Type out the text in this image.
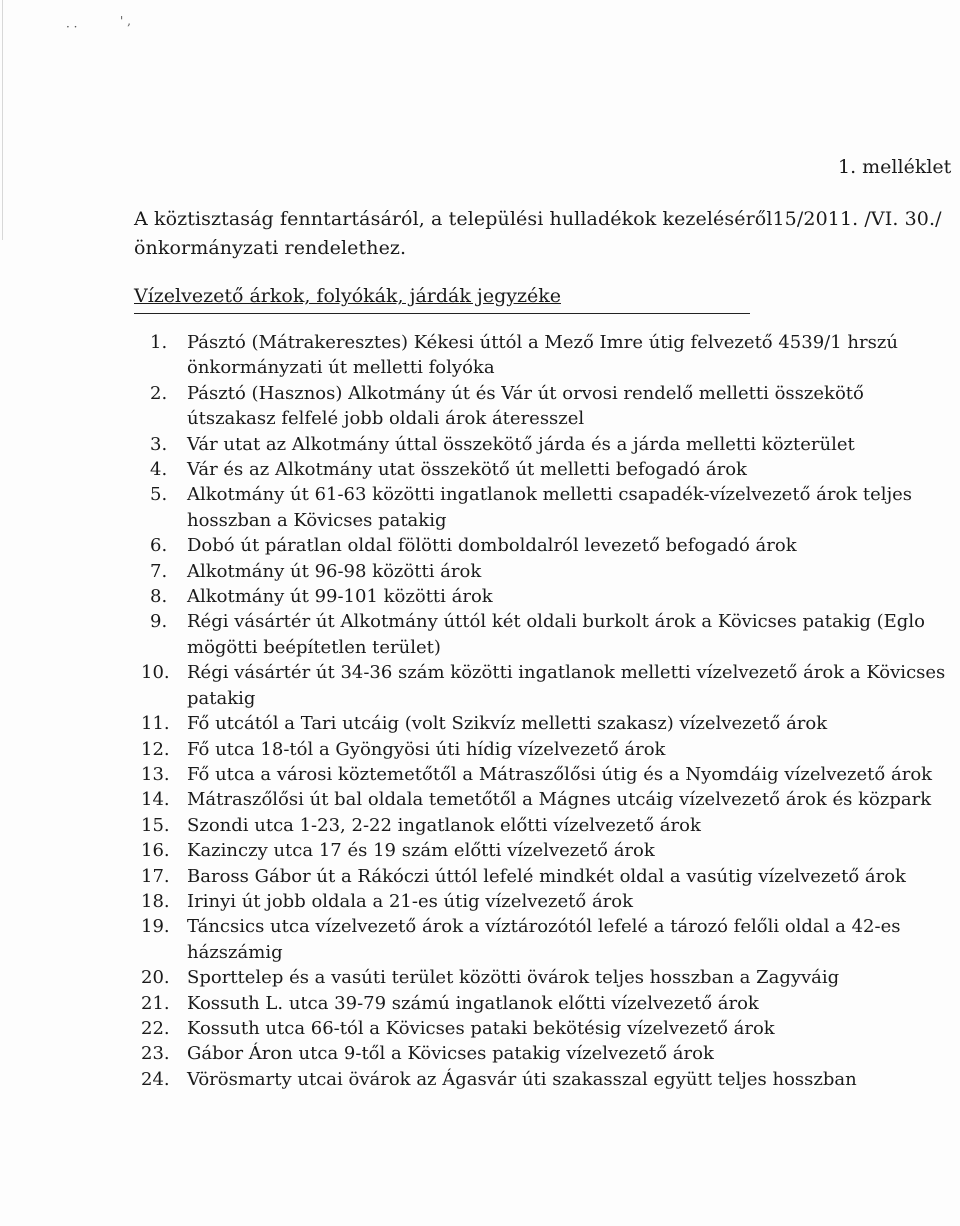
· ·	' ,
1. melléklet
A köztisztaság fenntartásáról, a települési hulladékok kezeléséről15/2011. /VI. 30./ önkormányzati rendelethez.
Vízelvezető árkok, folyókák, járdák jegyzéke
1.	Pásztó (Mátrakeresztes) Kékesi úttól a Mező Imre útig felvezető 4539/1 hrszú önkormányzati út melletti folyóka
2.	Pásztó (Hasznos) Alkotmány út és Vár út orvosi rendelő melletti összekötő útszakasz felfelé jobb oldali árok áteresszel
3.	Vár utat az Alkotmány úttal összekötő járda és a járda melletti közterület
4.	Vár és az Alkotmány utat összekötő út melletti befogadó árok
5.	Alkotmány út 61-63 közötti ingatlanok melletti csapadék-vízelvezető árok teljes hosszban a Kövicses patakig
6.	Dobó út páratlan oldal fölötti domboldalról levezető befogadó árok
7.	Alkotmány út 96-98 közötti árok
8.	Alkotmány út 99-101 közötti árok
9.	Régi vásártér út Alkotmány úttól két oldali burkolt árok a Kövicses patakig (Eglo mögötti beépítetlen terület)
10. Régi vásártér út 34-36 szám közötti ingatlanok melletti vízelvezető árok a Kövicses patakig
11. Fő utcától a Tari utcáig (volt Szikvíz melletti szakasz) vízelvezető árok
12. Fő utca 18-tól a Gyöngyösi úti hídig vízelvezető árok
13. Fő utca a városi köztemetőtől a Mátraszőlősi útig és a Nyomdáig vízelvezető árok
14. Mátraszőlősi út bal oldala temetőtől a Mágnes utcáig vízelvezető árok és közpark
15. Szondi utca 1-23, 2-22 ingatlanok előtti vízelvezető árok
16. Kazinczy utca 17 és 19 szám előtti vízelvezető árok
17. Baross Gábor út a Rákóczi úttól lefelé mindkét oldal a vasútig vízelvezető árok
18. Irinyi út jobb oldala a 21-es útig vízelvezető árok
19. Táncsics utca vízelvezető árok a víztározótól lefelé a tározó felőli oldal a 42-es házszámig
20. Sporttelep és a vasúti terület közötti övárok teljes hosszban a Zagyváig
21. Kossuth L. utca 39-79 számú ingatlanok előtti vízelvezető árok
22. Kossuth utca 66-tól a Kövicses pataki bekötésig vízelvezető árok
23. Gábor Áron utca 9-től a Kövicses patakig vízelvezető árok
24. Vörösmarty utcai övárok az Ágasvár úti szakasszal együtt teljes hosszban
